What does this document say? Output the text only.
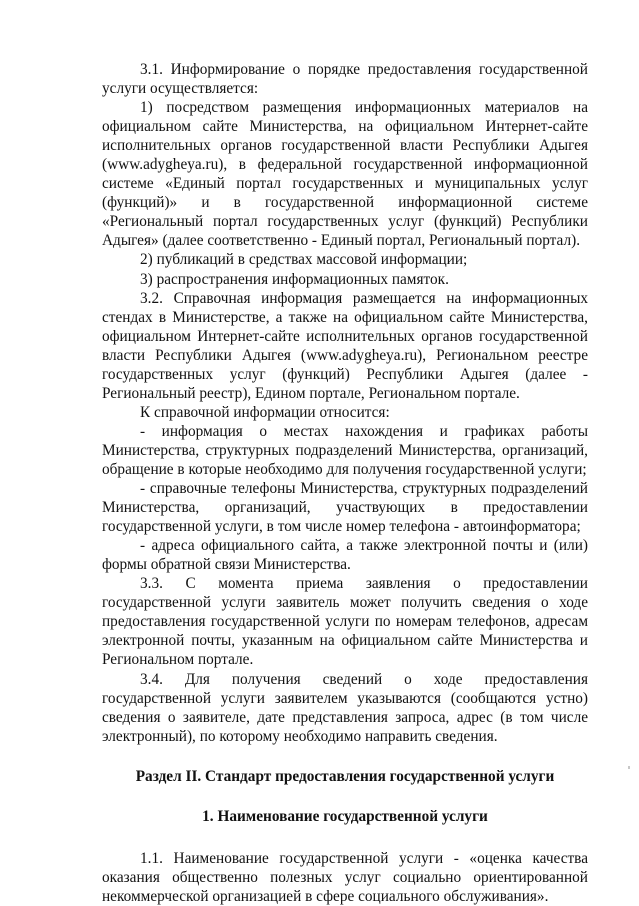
3.1. Информирование о порядке предоставления государственной услуги осуществляется:

1) посредством размещения информационных материалов на официальном сайте Министерства, на официальном Интернет-сайте исполнительных органов государственной власти Республики Адыгея (www.adygheya.ru), в федеральной государственной информационной системе «Единый портал государственных и муниципальных услуг (функций)» и в государственной информационной системе «Региональный портал государственных услуг (функций) Республики Адыгея» (далее соответственно - Единый портал, Региональный портал).

2) публикаций в средствах массовой информации;

3) распространения информационных памяток.

3.2. Справочная информация размещается на информационных стендах в Министерстве, а также на официальном сайте Министерства, официальном Интернет-сайте исполнительных органов государственной власти Республики Адыгея (www.adygheya.ru), Региональном реестре государственных услуг (функций) Республики Адыгея (далее - Региональный реестр), Едином портале, Региональном портале.

К справочной информации относится:

- информация о местах нахождения и графиках работы Министерства, структурных подразделений Министерства, организаций, обращение в которые необходимо для получения государственной услуги;

- справочные телефоны Министерства, структурных подразделений Министерства, организаций, участвующих в предоставлении государственной услуги, в том числе номер телефона - автоинформатора;

- адреса официального сайта, а также электронной почты и (или) формы обратной связи Министерства.

3.3. С момента приема заявления о предоставлении государственной услуги заявитель может получить сведения о ходе предоставления государственной услуги по номерам телефонов, адресам электронной почты, указанным на официальном сайте Министерства и Региональном портале.

3.4. Для получения сведений о ходе предоставления государственной услуги заявителем указываются (сообщаются устно) сведения о заявителе, дате представления запроса, адрес (в том числе электронный), по которому необходимо направить сведения.

Раздел II. Стандарт предоставления государственной услуги

1. Наименование государственной услуги

1.1. Наименование государственной услуги - «оценка качества оказания общественно полезных услуг социально ориентированной некоммерческой организацией в сфере социального обслуживания».
